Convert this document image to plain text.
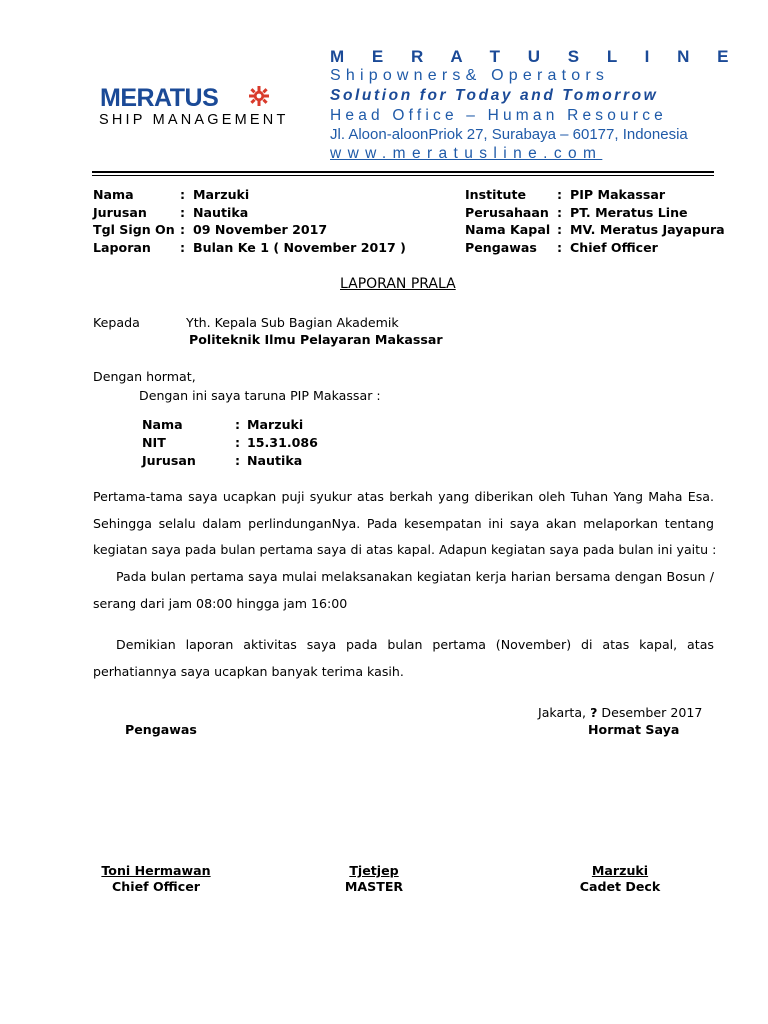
MERATUS
SHIP MANAGEMENT
M E R A T U S L I N E
Shipowners& Operators
Solution for Today and Tomorrow
Head Office – Human Resource
Jl. Aloon-aloonPriok 27, Surabaya – 60177, Indonesia
www.meratusline.com
Nama	: Marzuki
Jurusan	: Nautika
Tgl Sign On : 09 November 2017
Laporan : Bulan Ke 1 ( November 2017 )
Institute : PIP Makassar
Perusahaan : PT. Meratus Line
Nama Kapal : MV. Meratus Jayapura
Pengawas : Chief Officer
LAPORAN PRALA
Kepada	Yth. Kepala Sub Bagian Akademik
Politeknik Ilmu Pelayaran Makassar
Dengan hormat,
Dengan ini saya taruna PIP Makassar :
Nama	: Marzuki
NIT	: 15.31.086
Jurusan	: Nautika
Pertama-tama saya ucapkan puji syukur atas berkah yang diberikan oleh Tuhan Yang Maha Esa.
Sehingga selalu dalam perlindunganNya. Pada kesempatan ini saya akan melaporkan tentang
kegiatan saya pada bulan pertama saya di atas kapal. Adapun kegiatan saya pada bulan ini yaitu :
Pada bulan pertama saya mulai melaksanakan kegiatan kerja harian bersama dengan Bosun /
serang dari jam 08:00 hingga jam 16:00
Demikian laporan aktivitas saya pada bulan pertama (November) di atas kapal, atas
perhatiannya saya ucapkan banyak terima kasih.
Jakarta, ? Desember 2017
Pengawas	Hormat Saya
Toni Hermawan
Chief Officer
Tjetjep
MASTER
Marzuki
Cadet Deck
